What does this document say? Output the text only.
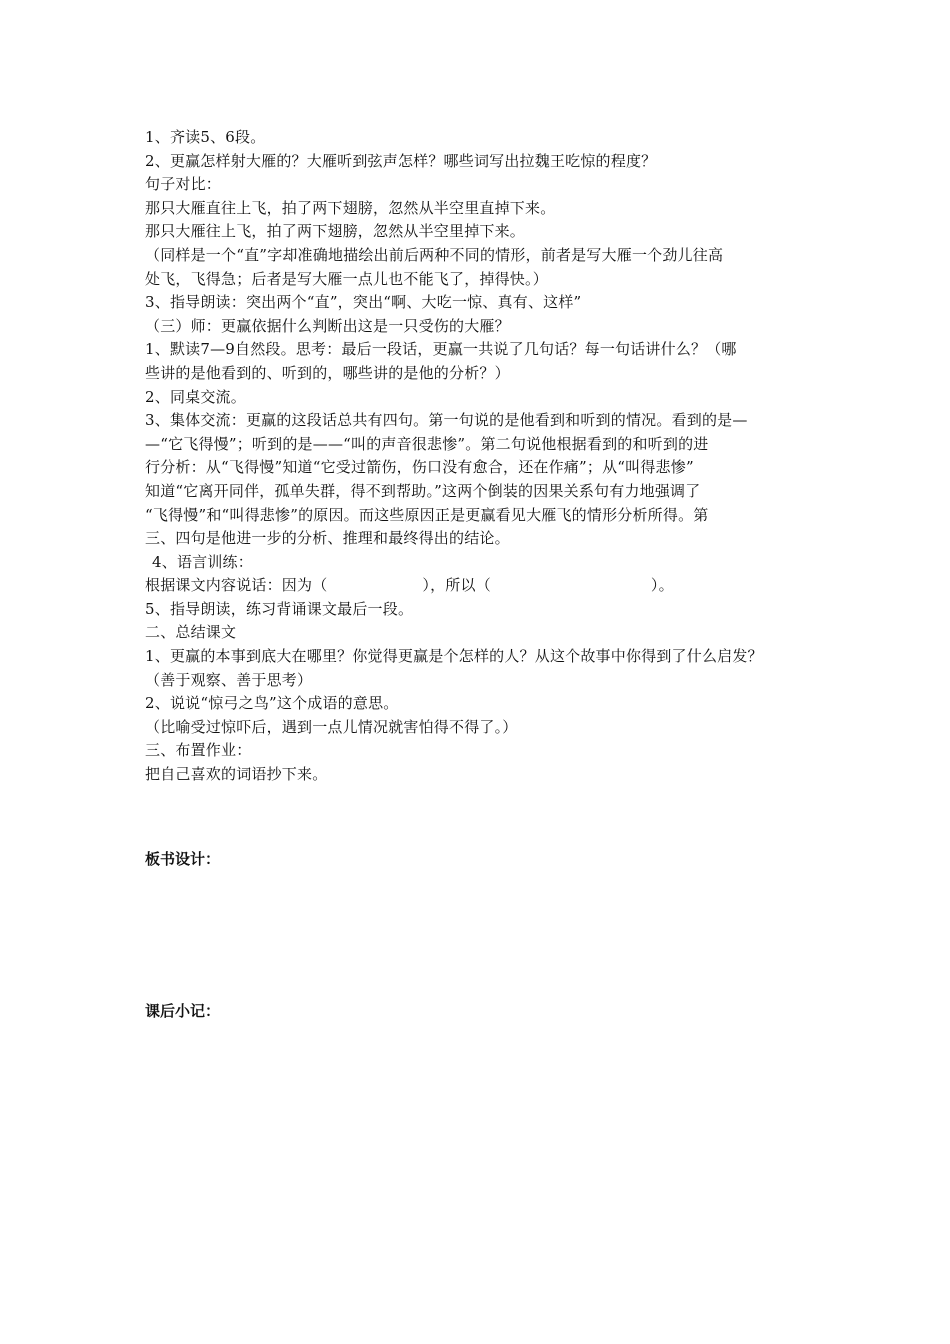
1、齐读5、6段。
2、更赢怎样射大雁的？大雁听到弦声怎样？哪些词写出拉魏王吃惊的程度？
句子对比：
那只大雁直往上飞，拍了两下翅膀，忽然从半空里直掉下来。
那只大雁往上飞，拍了两下翅膀，忽然从半空里掉下来。
（同样是一个“直”字却准确地描绘出前后两种不同的情形，前者是写大雁一个劲儿往高
处飞，飞得急；后者是写大雁一点儿也不能飞了，掉得快。）
3、指导朗读：突出两个“直”，突出“啊、大吃一惊、真有、这样”
（三）师：更赢依据什么判断出这是一只受伤的大雁？
1、默读7—9自然段。思考：最后一段话，更赢一共说了几句话？每一句话讲什么？（哪
些讲的是他看到的、听到的，哪些讲的是他的分析？）
2、同桌交流。
3、集体交流：更赢的这段话总共有四句。第一句说的是他看到和听到的情况。看到的是—
—“它飞得慢”；听到的是——“叫的声音很悲惨”。第二句说他根据看到的和听到的进
行分析：从“飞得慢”知道“它受过箭伤，伤口没有愈合，还在作痛”；从“叫得悲惨”
知道“它离开同伴，孤单失群，得不到帮助。”这两个倒装的因果关系句有力地强调了
“飞得慢”和“叫得悲惨”的原因。而这些原因正是更赢看见大雁飞的情形分析所得。第
三、四句是他进一步的分析、推理和最终得出的结论。
4、语言训练：
根据课文内容说话：因为（	），所以（	）。
5、指导朗读，练习背诵课文最后一段。
二、总结课文
1、更赢的本事到底大在哪里？你觉得更赢是个怎样的人？从这个故事中你得到了什么启发？
（善于观察、善于思考）
2、说说“惊弓之鸟”这个成语的意思。
（比喻受过惊吓后，遇到一点儿情况就害怕得不得了。）
三、布置作业：
把自己喜欢的词语抄下来。
板书设计：
课后小记：
